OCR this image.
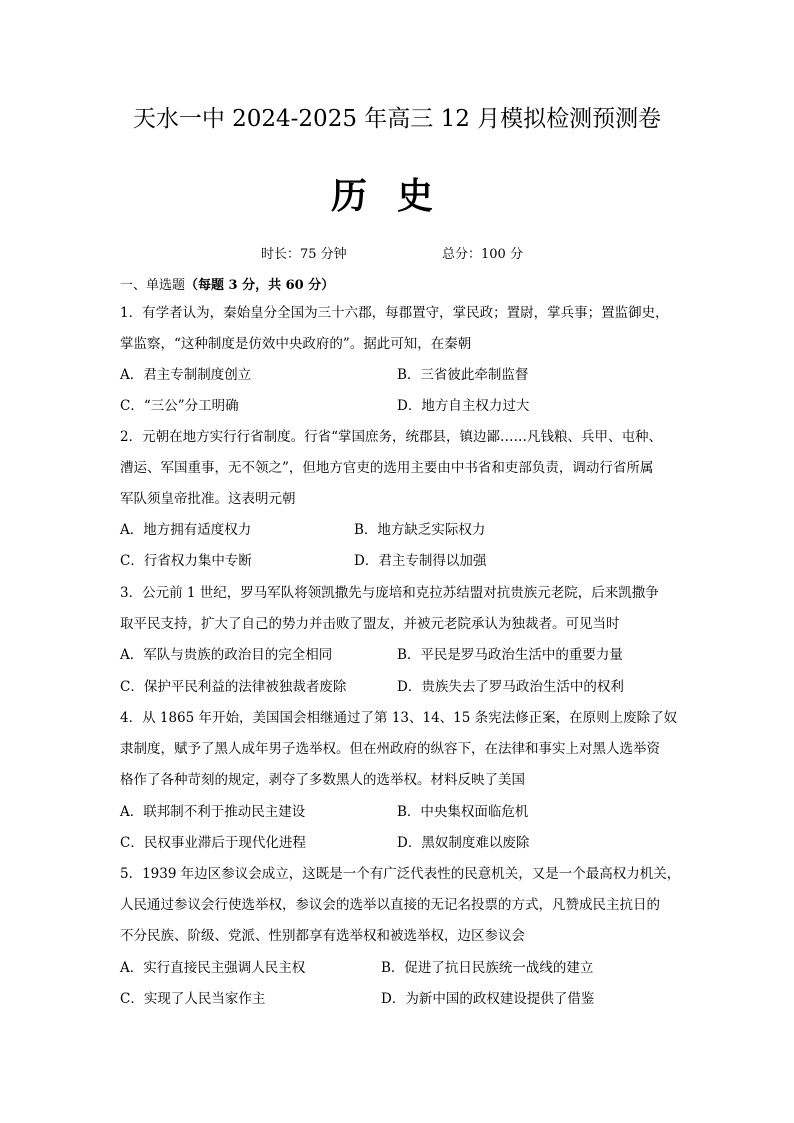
天水一中 2024-2025 年高三 12 月模拟检测预测卷
历史
时长：75 分钟	总分：100 分
一、单选题（每题 3 分，共 60 分）
1．有学者认为，秦始皇分全国为三十六郡，每郡置守，掌民政；置尉，掌兵事；置监御史，
掌监察，“这种制度是仿效中央政府的”。据此可知，在秦朝
A．君主专制制度创立	B．三省彼此牵制监督
C．“三公”分工明确	D．地方自主权力过大
2．元朝在地方实行行省制度。行省“掌国庶务，统郡县，镇边鄙……凡钱粮、兵甲、屯种、
漕运、军国重事，无不领之”，但地方官吏的选用主要由中书省和吏部负责，调动行省所属
军队须皇帝批准。这表明元朝
A．地方拥有适度权力	B．地方缺乏实际权力
C．行省权力集中专断	D．君主专制得以加强
3．公元前 1 世纪，罗马军队将领凯撒先与庞培和克拉苏结盟对抗贵族元老院，后来凯撒争
取平民支持，扩大了自己的势力并击败了盟友，并被元老院承认为独裁者。可见当时
A．军队与贵族的政治目的完全相同	B．平民是罗马政治生活中的重要力量
C．保护平民利益的法律被独裁者废除	D．贵族失去了罗马政治生活中的权利
4．从 1865 年开始，美国国会相继通过了第 13、14、15 条宪法修正案，在原则上废除了奴
隶制度，赋予了黑人成年男子选举权。但在州政府的纵容下，在法律和事实上对黑人选举资
格作了各种苛刻的规定，剥夺了多数黑人的选举权。材料反映了美国
A．联邦制不利于推动民主建设	B．中央集权面临危机
C．民权事业滞后于现代化进程	D．黑奴制度难以废除
5．1939 年边区参议会成立，这既是一个有广泛代表性的民意机关，又是一个最高权力机关，
人民通过参议会行使选举权，参议会的选举以直接的无记名投票的方式，凡赞成民主抗日的
不分民族、阶级、党派、性别都享有选举权和被选举权，边区参议会
A．实行直接民主强调人民主权	B．促进了抗日民族统一战线的建立
C．实现了人民当家作主	D．为新中国的政权建设提供了借鉴
